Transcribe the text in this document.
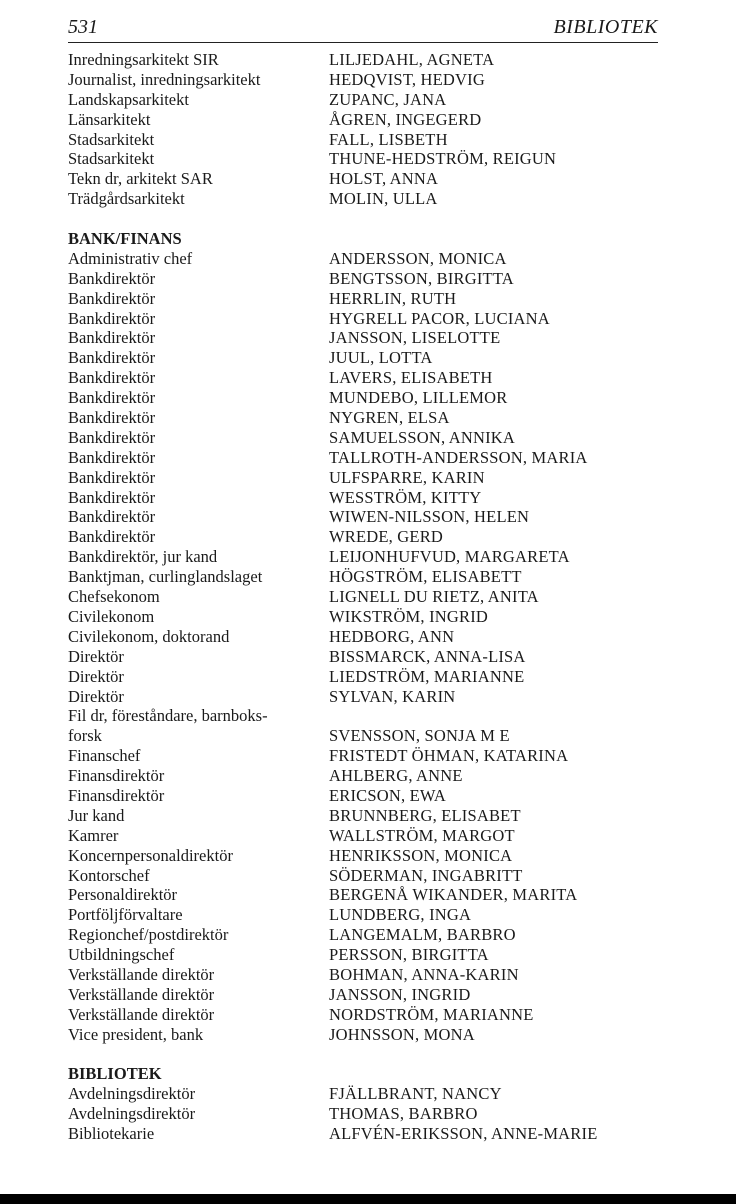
531	BIBLIOTEK
Inredningsarkitekt SIR	LILJEDAHL, AGNETA
Journalist, inredningsarkitekt	HEDQVIST, HEDVIG
Landskapsarkitekt	ZUPANC, JANA
Länsarkitekt	ÅGREN, INGEGERD
Stadsarkitekt	FALL, LISBETH
Stadsarkitekt	THUNE-HEDSTRÖM, REIGUN
Tekn dr, arkitekt SAR	HOLST, ANNA
Trädgårdsarkitekt	MOLIN, ULLA
BANK/FINANS
Administrativ chef	ANDERSSON, MONICA
Bankdirektör	BENGTSSON, BIRGITTA
Bankdirektör	HERRLIN, RUTH
Bankdirektör	HYGRELL PACOR, LUCIANA
Bankdirektör	JANSSON, LISELOTTE
Bankdirektör	JUUL, LOTTA
Bankdirektör	LAVERS, ELISABETH
Bankdirektör	MUNDEBO, LILLEMOR
Bankdirektör	NYGREN, ELSA
Bankdirektör	SAMUELSSON, ANNIKA
Bankdirektör	TALLROTH-ANDERSSON, MARIA
Bankdirektör	ULFSPARRE, KARIN
Bankdirektör	WESSTRÖM, KITTY
Bankdirektör	WIWEN-NILSSON, HELEN
Bankdirektör	WREDE, GERD
Bankdirektör, jur kand	LEIJONHUFVUD, MARGARETA
Banktjman, curlinglandslaget	HÖGSTRÖM, ELISABETT
Chefsekonom	LIGNELL DU RIETZ, ANITA
Civilekonom	WIKSTRÖM, INGRID
Civilekonom, doktorand	HEDBORG, ANN
Direktör	BISSMARCK, ANNA-LISA
Direktör	LIEDSTRÖM, MARIANNE
Direktör	SYLVAN, KARIN
Fil dr, föreståndare, barnboks-
forsk	SVENSSON, SONJA M E
Finanschef	FRISTEDT ÖHMAN, KATARINA
Finansdirektör	AHLBERG, ANNE
Finansdirektör	ERICSON, EWA
Jur kand	BRUNNBERG, ELISABET
Kamrer	WALLSTRÖM, MARGOT
Koncernpersonaldirektör	HENRIKSSON, MONICA
Kontorschef	SÖDERMAN, INGABRITT
Personaldirektör	BERGENÅ WIKANDER, MARITA
Portföljförvaltare	LUNDBERG, INGA
Regionchef/postdirektör	LANGEMALM, BARBRO
Utbildningschef	PERSSON, BIRGITTA
Verkställande direktör	BOHMAN, ANNA-KARIN
Verkställande direktör	JANSSON, INGRID
Verkställande direktör	NORDSTRÖM, MARIANNE
Vice president, bank	JOHNSSON, MONA
BIBLIOTEK
Avdelningsdirektör	FJÄLLBRANT, NANCY
Avdelningsdirektör	THOMAS, BARBRO
Bibliotekarie	ALFVÉN-ERIKSSON, ANNE-MARIE
